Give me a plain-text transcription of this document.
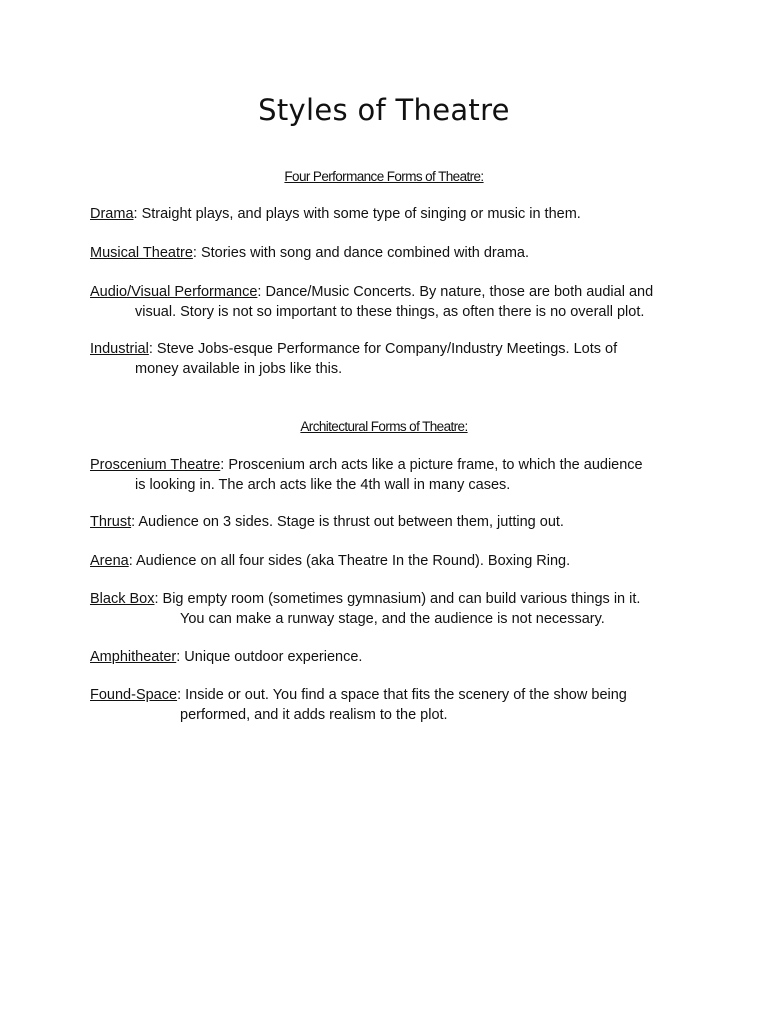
Styles of Theatre
Four Performance Forms of Theatre:
Drama: Straight plays, and plays with some type of singing or music in them.
Musical Theatre: Stories with song and dance combined with drama.
Audio/Visual Performance: Dance/Music Concerts. By nature, those are both audial and
visual. Story is not so important to these things, as often there is no overall plot.
Industrial: Steve Jobs-esque Performance for Company/Industry Meetings. Lots of
money available in jobs like this.
Architectural Forms of Theatre:
Proscenium Theatre: Proscenium arch acts like a picture frame, to which the audience
is looking in. The arch acts like the 4th wall in many cases.
Thrust: Audience on 3 sides. Stage is thrust out between them, jutting out.
Arena: Audience on all four sides (aka Theatre In the Round). Boxing Ring.
Black Box: Big empty room (sometimes gymnasium) and can build various things in it.
You can make a runway stage, and the audience is not necessary.
Amphitheater: Unique outdoor experience.
Found-Space: Inside or out. You find a space that fits the scenery of the show being
performed, and it adds realism to the plot.
